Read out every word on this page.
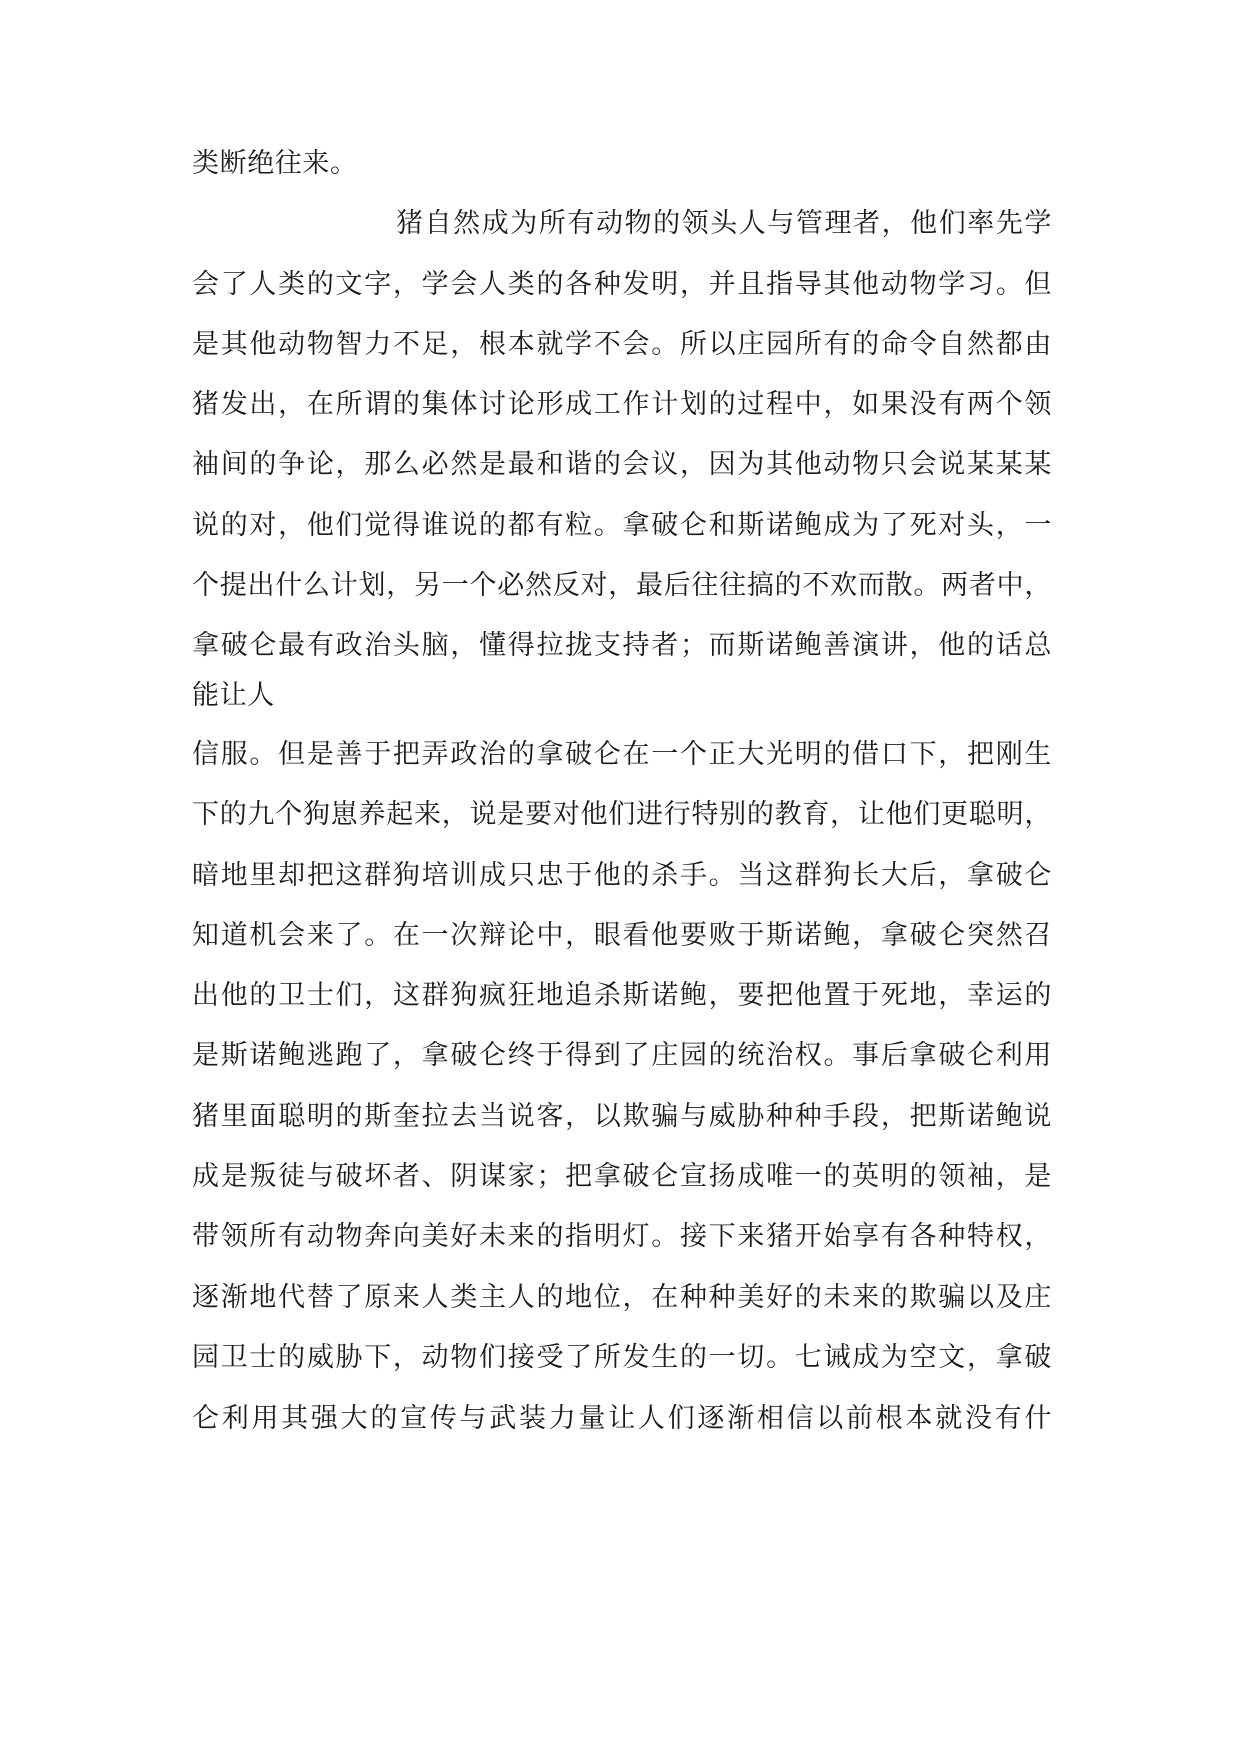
类断绝往来。
猪自然成为所有动物的领头人与管理者，他们率先学
会了人类的文字，学会人类的各种发明，并且指导其他动物学习。但
是其他动物智力不足，根本就学不会。所以庄园所有的命令自然都由
猪发出，在所谓的集体讨论形成工作计划的过程中，如果没有两个领
袖间的争论，那么必然是最和谐的会议，因为其他动物只会说某某某
说的对，他们觉得谁说的都有粒。拿破仑和斯诺鲍成为了死对头，一
个提出什么计划，另一个必然反对，最后往往搞的不欢而散。两者中，
拿破仑最有政治头脑，懂得拉拢支持者；而斯诺鲍善演讲，他的话总
能让人
信服。但是善于把弄政治的拿破仑在一个正大光明的借口下，把刚生
下的九个狗崽养起来，说是要对他们进行特别的教育，让他们更聪明，
暗地里却把这群狗培训成只忠于他的杀手。当这群狗长大后，拿破仑
知道机会来了。在一次辩论中，眼看他要败于斯诺鲍，拿破仑突然召
出他的卫士们，这群狗疯狂地追杀斯诺鲍，要把他置于死地，幸运的
是斯诺鲍逃跑了，拿破仑终于得到了庄园的统治权。事后拿破仑利用
猪里面聪明的斯奎拉去当说客，以欺骗与威胁种种手段，把斯诺鲍说
成是叛徒与破坏者、阴谋家；把拿破仑宣扬成唯一的英明的领袖，是
带领所有动物奔向美好未来的指明灯。接下来猪开始享有各种特权，
逐渐地代替了原来人类主人的地位，在种种美好的未来的欺骗以及庄
园卫士的威胁下，动物们接受了所发生的一切。七诫成为空文，拿破
仑利用其强大的宣传与武装力量让人们逐渐相信以前根本就没有什
